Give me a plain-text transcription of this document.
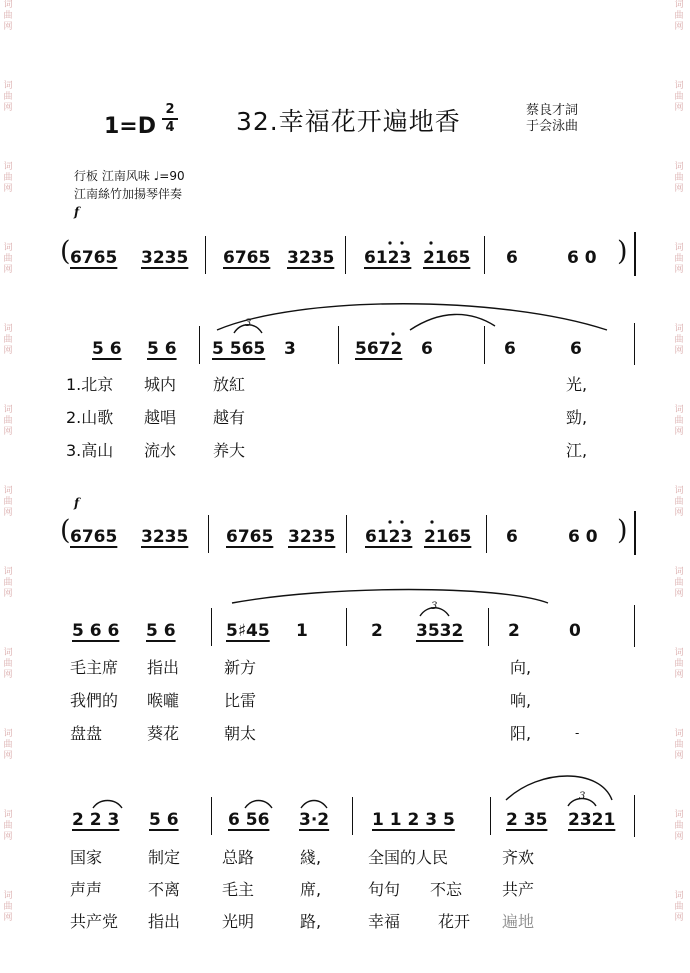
词曲网
词曲网
词曲网
词曲网
词曲网
词曲网
词曲网
词曲网
词曲网
词曲网
词曲网
词曲网
词曲网
词曲网
词曲网
词曲网
词曲网
词曲网
词曲网
词曲网
词曲网
词曲网
词曲网
词曲网
1=D
2
4 32.幸福花开遍地香	蔡良才詞
于会泳曲
行板 江南风味 ♩=90
江南絲竹加揚琴伴奏
f
f
( 6765 3235 6765 3235 6123 2165 6	6 0 )
5 6 5 6 5 565 3	5672 6	6	6
1.北京 城内 放紅	光,
2.山歌 越唱 越有	勁,
3.高山 流水 养大	江,
( 6765 3235 6765 3235 6123 2165 6	6 0 )
5 6 6 5 6	5♯45 1	2 3532	2	0
毛主席 指出	新方	向,
我們的 喉嚨	比雷	响,
盘盘	葵花	朝太	阳,
2 2 3 5 6	6 56 3·2	1 1 2 3 5	2 35 2321
国家	制定	总路	綫,	全国的人民	齐欢
声声	不离	毛主	席,	句句 不忘 共产
共产党 指出	光明	路,	幸福 花开 遍地
3
3
3
-
